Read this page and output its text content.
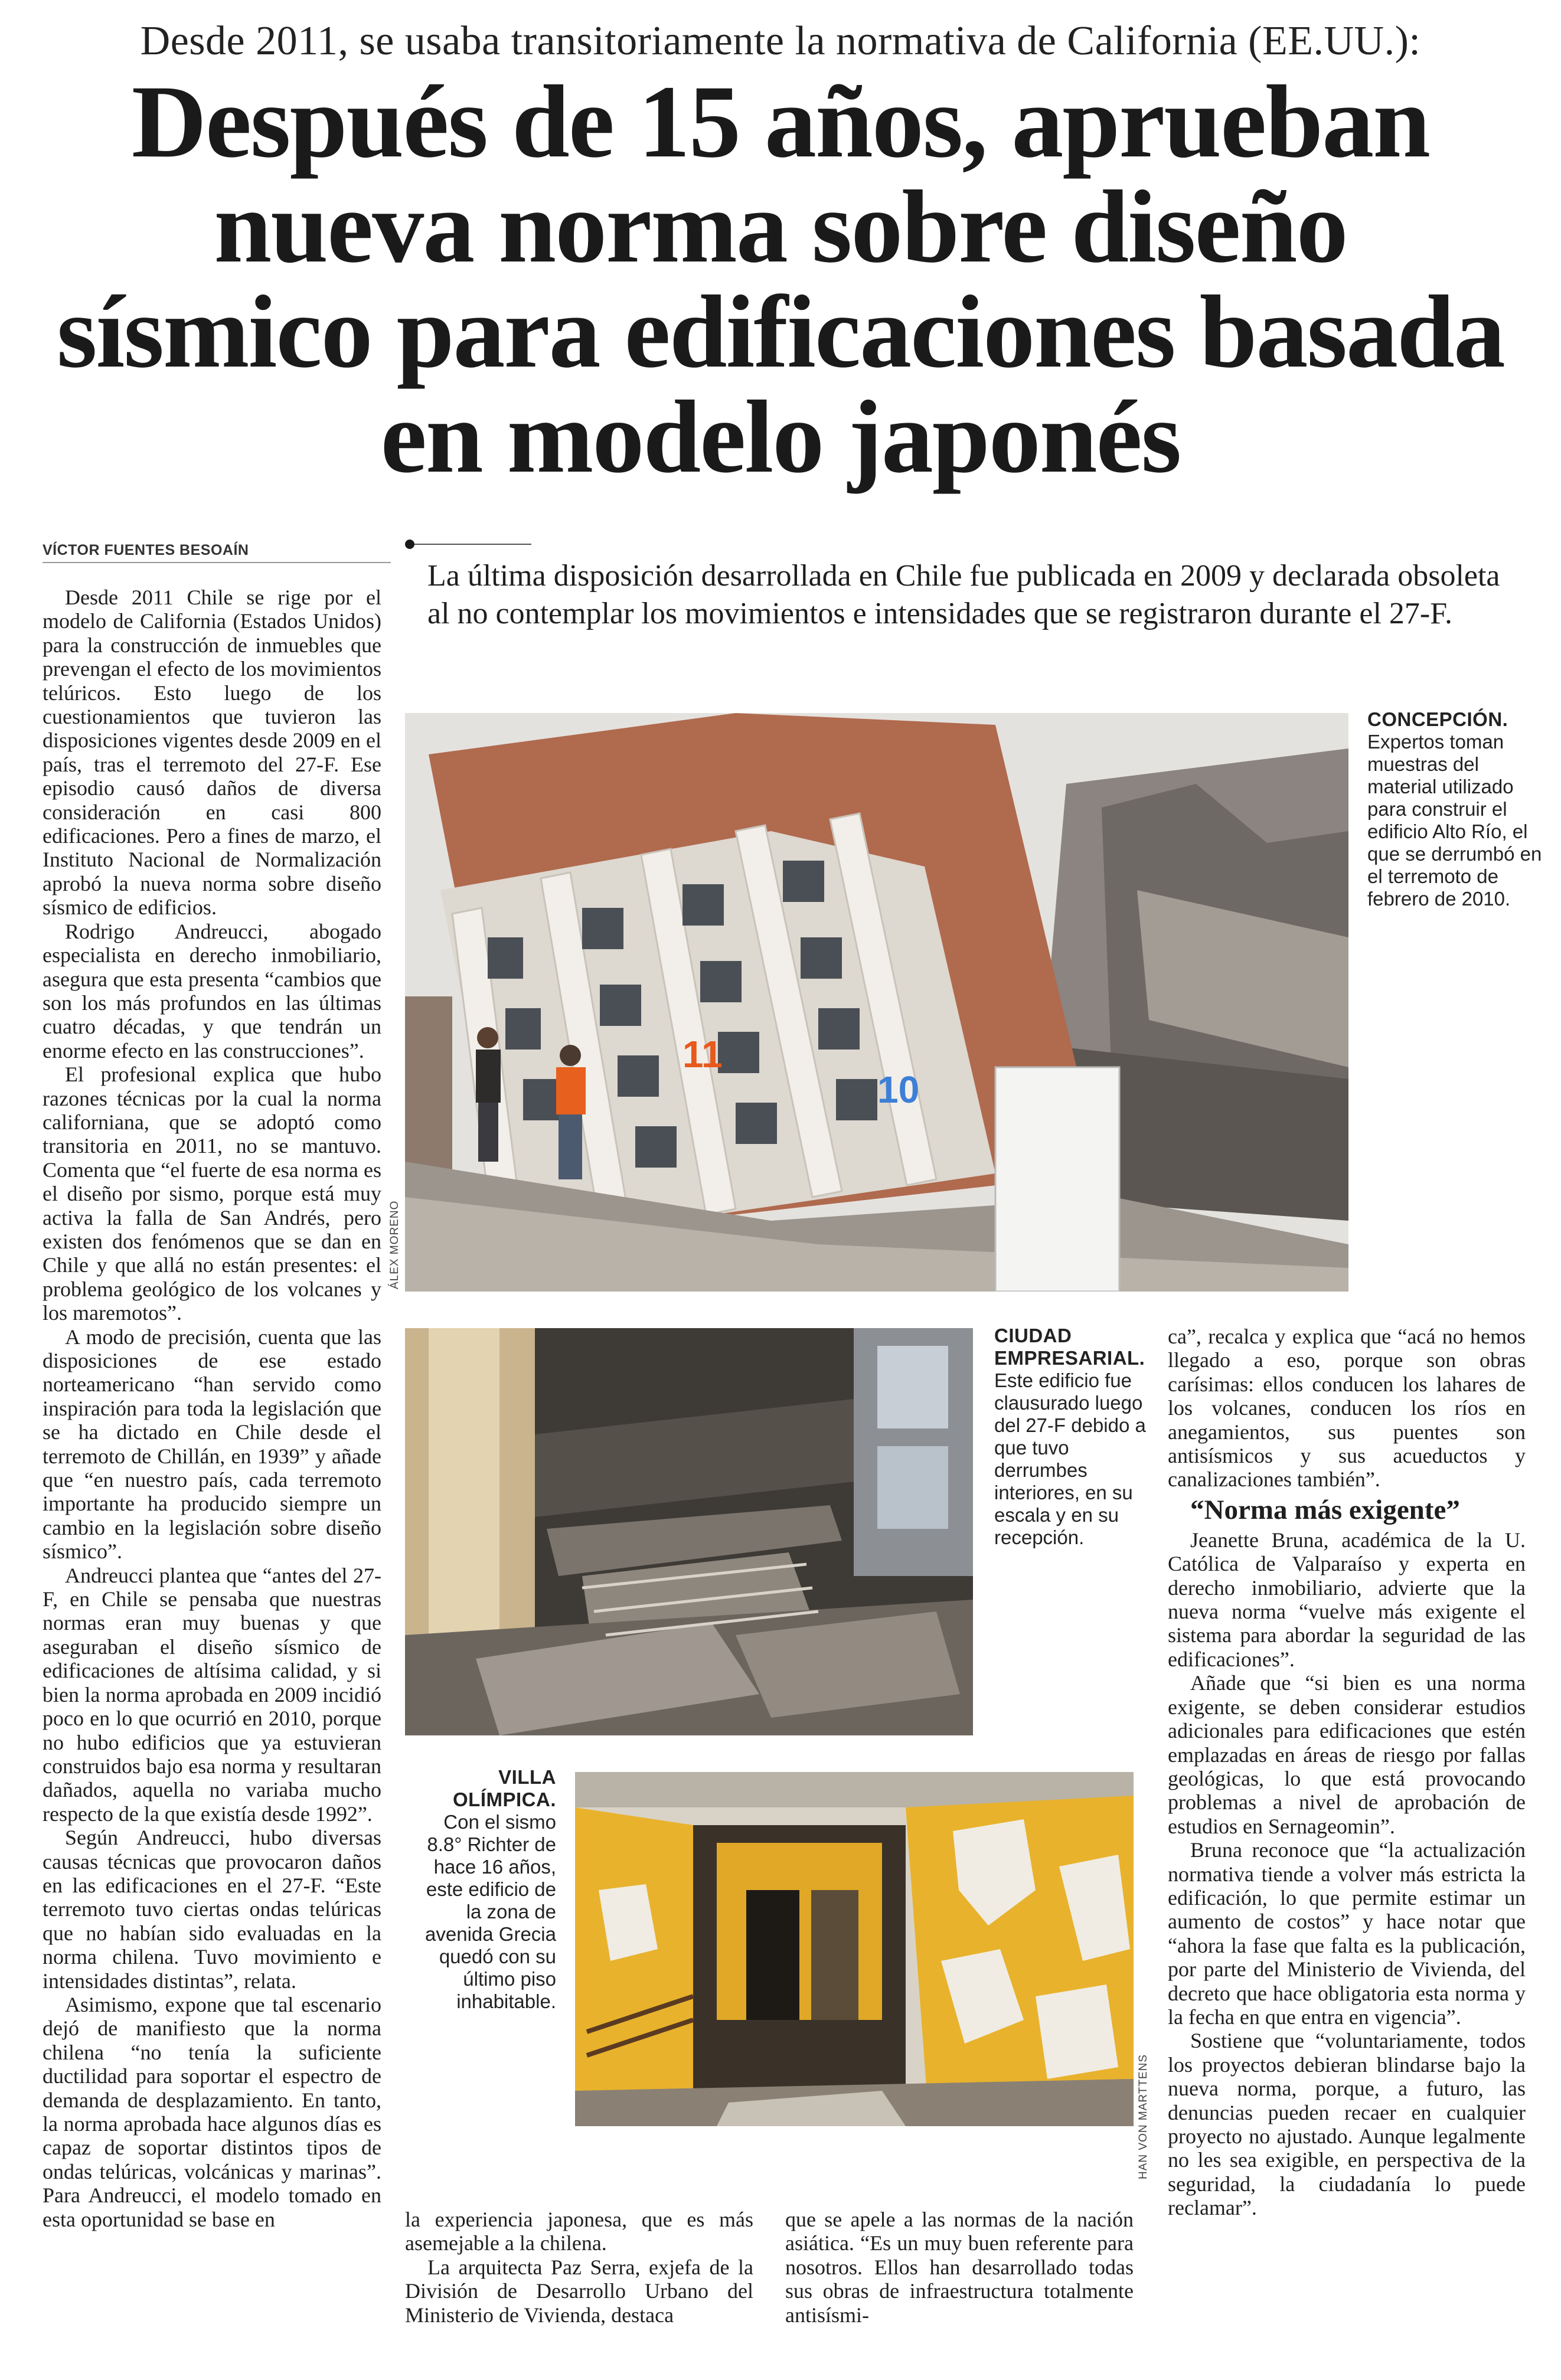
Desde 2011, se usaba transitoriamente la normativa de California (EE.UU.):
Después de 15 años, aprueban
nueva norma sobre diseño
sísmico para edificaciones basada
en modelo japonés
VÍCTOR FUENTES BESOAÍN

Desde 2011 Chile se rige por el modelo de California (Estados Unidos) para la construcción de inmuebles que prevengan el efecto de los movimientos telúricos. Esto luego de los cuestionamientos que tuvieron las disposiciones vigentes desde 2009 en el país, tras el terremoto del 27-F. Ese episodio causó daños de diversa consideración en casi 800 edificaciones. Pero a fines de marzo, el Instituto Nacional de Normalización aprobó la nueva norma sobre diseño sísmico de edificios.

Rodrigo Andreucci, abogado especialista en derecho inmobiliario, asegura que esta presenta “cambios que son los más profundos en las últimas cuatro décadas, y que tendrán un enorme efecto en las construcciones”.

El profesional explica que hubo razones técnicas por la cual la norma californiana, que se adoptó como transitoria en 2011, no se mantuvo. Comenta que “el fuerte de esa norma es el diseño por sismo, porque está muy activa la falla de San Andrés, pero existen dos fenómenos que se dan en Chile y que allá no están presentes: el problema geológico de los volcanes y los maremotos”.

A modo de precisión, cuenta que las disposiciones de ese estado norteamericano “han servido como inspiración para toda la legislación que se ha dictado en Chile desde el terremoto de Chillán, en 1939” y añade que “en nuestro país, cada terremoto importante ha producido siempre un cambio en la legislación sobre diseño sísmico”.

Andreucci plantea que “antes del 27-F, en Chile se pensaba que nuestras normas eran muy buenas y que aseguraban el diseño sísmico de edificaciones de altísima calidad, y si bien la norma aprobada en 2009 incidió poco en lo que ocurrió en 2010, porque no hubo edificios que ya estuvieran construidos bajo esa norma y resultaran dañados, aquella no variaba mucho respecto de la que existía desde 1992”.

Según Andreucci, hubo diversas causas técnicas que provocaron daños en las edificaciones en el 27-F. “Este terremoto tuvo ciertas ondas telúricas que no habían sido evaluadas en la norma chilena. Tuvo movimiento e intensidades distintas”, relata.

Asimismo, expone que tal escenario dejó de manifiesto que la norma chilena “no tenía la suficiente ductilidad para soportar el espectro de demanda de desplazamiento. En tanto, la norma aprobada hace algunos días es capaz de soportar distintos tipos de ondas telúricas, volcánicas y marinas”. Para Andreucci, el modelo tomado en esta oportunidad se base en

La última disposición desarrollada en Chile fue publicada en 2009 y declarada obsoleta al no contemplar los movimientos e intensidades que se registraron durante el 27-F.
11
10
ÁLEX MORENO
CONCEPCIÓN.
Expertos toman muestras del material utilizado para construir el edificio Alto Río, el que se derrumbó en el terremoto de febrero de 2010.
CIUDAD EMPRESARIAL.
Este edificio fue clausurado luego del 27-F debido a que tuvo derrumbes interiores, en su escala y en su recepción.
HAN VON MARTTENS
VILLA OLÍMPICA.
Con el sismo 8.8° Richter de hace 16 años, este edificio de la zona de avenida Grecia quedó con su último piso inhabitable.

la experiencia japonesa, que es más asemejable a la chilena.

La arquitecta Paz Serra, exjefa de la División de Desarrollo Urbano del Ministerio de Vivienda, destaca

que se apele a las normas de la nación asiática. “Es un muy buen referente para nosotros. Ellos han desarrollado todas sus obras de infraestructura totalmente antisísmi-

ca”, recalca y explica que “acá no hemos llegado a eso, porque son obras carísimas: ellos conducen los lahares de los volcanes, conducen los ríos en anegamientos, sus puentes son antisísmicos y sus acueductos y canalizaciones también”.

“Norma más exigente”

Jeanette Bruna, académica de la U. Católica de Valparaíso y experta en derecho inmobiliario, advierte que la nueva norma “vuelve más exigente el sistema para abordar la seguridad de las edificaciones”.

Añade que “si bien es una norma exigente, se deben considerar estudios adicionales para edificaciones que estén emplazadas en áreas de riesgo por fallas geológicas, lo que está provocando problemas a nivel de aprobación de estudios en Sernageomin”.

Bruna reconoce que “la actualización normativa tiende a volver más estricta la edificación, lo que permite estimar un aumento de costos” y hace notar que “ahora la fase que falta es la publicación, por parte del Ministerio de Vivienda, del decreto que hace obligatoria esta norma y la fecha en que entra en vigencia”.

Sostiene que “voluntariamente, todos los proyectos debieran blindarse bajo la nueva norma, porque, a futuro, las denuncias pueden recaer en cualquier proyecto no ajustado. Aunque legalmente no les sea exigible, en perspectiva de la seguridad, la ciudadanía lo puede reclamar”.
